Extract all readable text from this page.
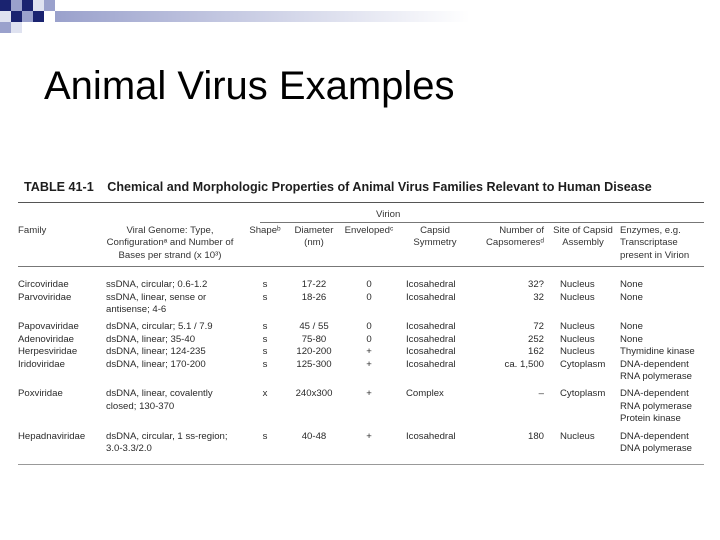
Animal Virus Examples
TABLE 41-1 Chemical and Morphologic Properties of Animal Virus Families Relevant to Human Disease
Virion
Family	Viral Genome: Type, Configurationᵃ and Number of Bases per strand (x 10³)	Shapeᵇ	Diameter (nm)	Envelopedᶜ	Capsid Symmetry	Number of Capsomeresᵈ	Site of Capsid Assembly	Enzymes, e.g. Transcriptase present in Virion

Circoviridae	ssDNA, circular; 0.6-1.2	s	17-22	0	Icosahedral	32?	Nucleus	None
Parvoviridae	ssDNA, linear, sense or antisense; 4-6	s	18-26	0	Icosahedral	32	Nucleus	None
Papovaviridae	dsDNA, circular; 5.1 / 7.9	s	45 / 55	0	Icosahedral	72	Nucleus	None
Adenoviridae	dsDNA, linear; 35-40	s	75-80	0	Icosahedral	252	Nucleus	None
Herpesviridae	dsDNA, linear; 124-235	s	120-200	+	Icosahedral	162	Nucleus	Thymidine kinase
Iridoviridae	dsDNA, linear; 170-200	s	125-300	+	Icosahedral	ca. 1,500	Cytoplasm	DNA-dependent RNA polymerase
Poxviridae	dsDNA, linear, covalently closed; 130-370	x	240x300	+	Complex	–	Cytoplasm	DNA-dependent RNA polymerase Protein kinase
Hepadnaviridae	dsDNA, circular, 1 ss-region; 3.0-3.3/2.0	s	40-48	+	Icosahedral	180	Nucleus	DNA-dependent DNA polymerase
